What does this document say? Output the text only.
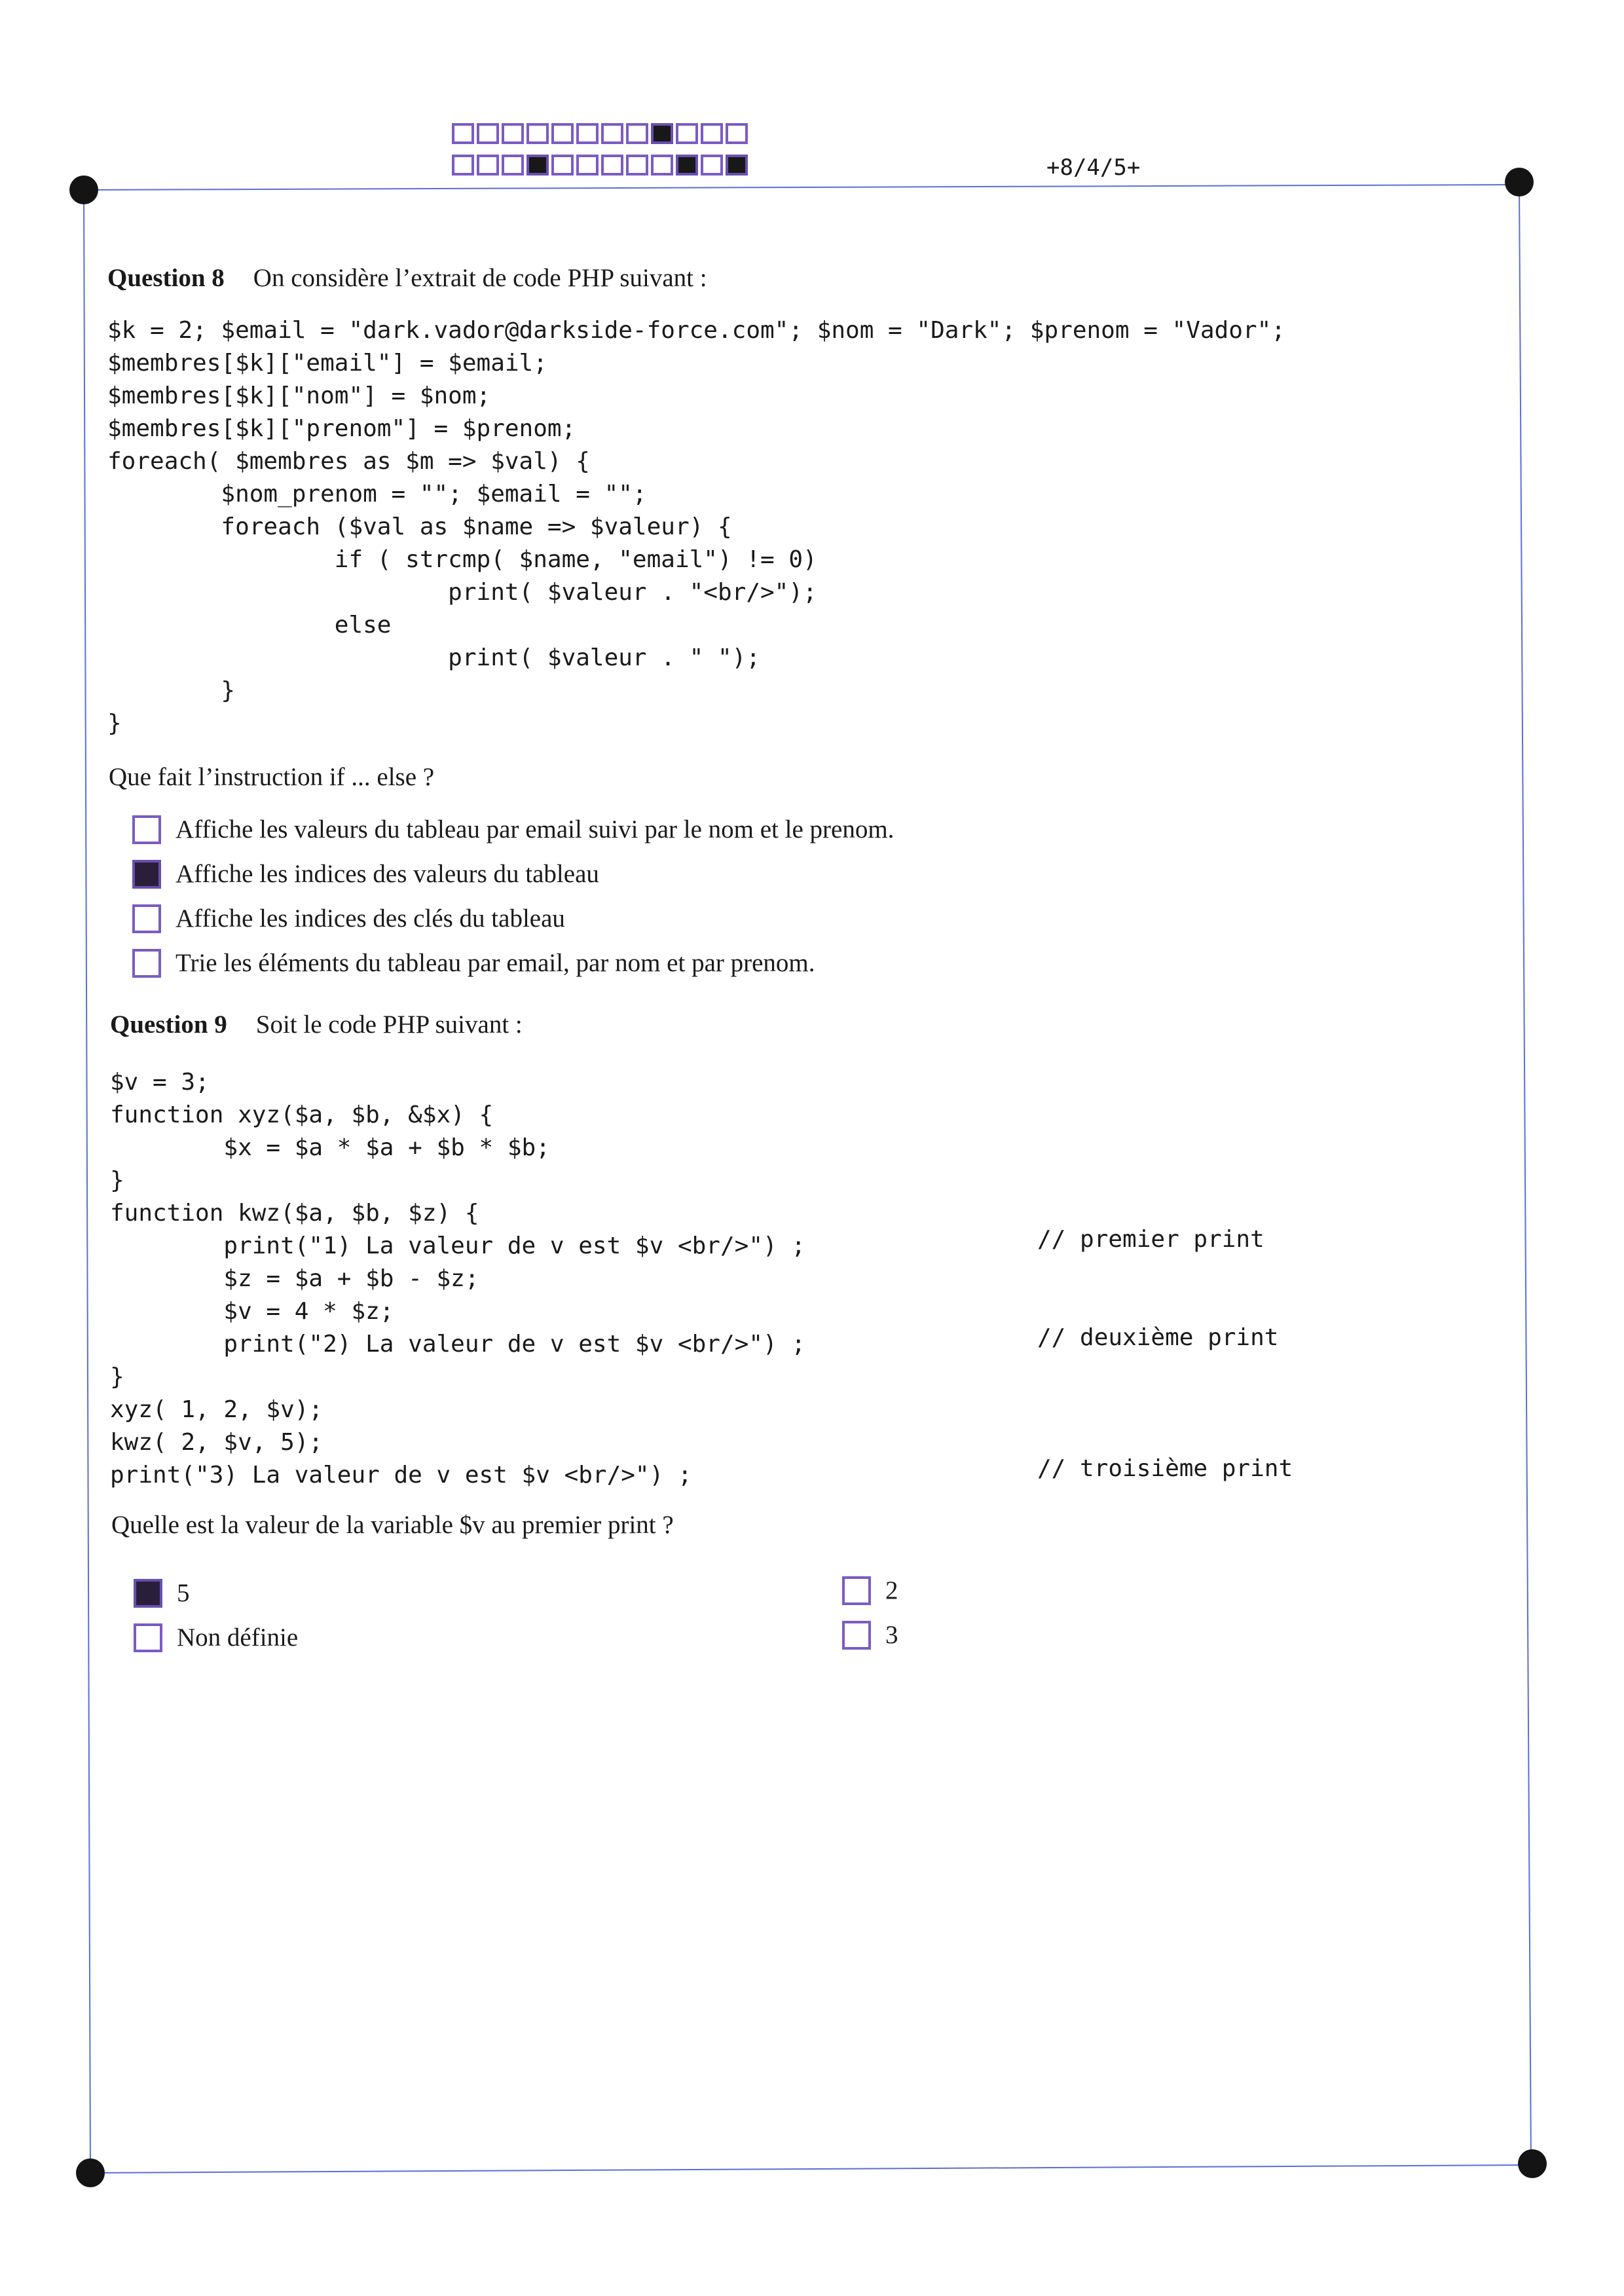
+8/4/5+
Question 8 On considère l’extrait de code PHP suivant :
$k = 2; $email = "dark.vador@darkside-force.com"; $nom = "Dark"; $prenom = "Vador";
$membres[$k]["email"] = $email;
$membres[$k]["nom"] = $nom;
$membres[$k]["prenom"] = $prenom;
foreach( $membres as $m => $val) {
$nom_prenom = ""; $email = "";
foreach ($val as $name => $valeur) {
if ( strcmp( $name, "email") != 0)
print( $valeur . "<br/>");
else
print( $valeur . " ");
}
}
Que fait l’instruction if ... else ?
Affiche les valeurs du tableau par email suivi par le nom et le prenom.
Affiche les indices des valeurs du tableau
Affiche les indices des clés du tableau
Trie les éléments du tableau par email, par nom et par prenom.
Question 9 Soit le code PHP suivant :
$v = 3;
function xyz($a, $b, &$x) {
$x = $a * $a + $b * $b;
}
function kwz($a, $b, $z) {
print("1) La valeur de v est $v <br/>") ;
$z = $a + $b - $z;
$v = 4 * $z;
print("2) La valeur de v est $v <br/>") ;
}
xyz( 1, 2, $v);
kwz( 2, $v, 5);
print("3) La valeur de v est $v <br/>") ;
// premier print
// deuxième print
// troisième print
Quelle est la valeur de la variable $v au premier print ?
5
Non définie
2
3
